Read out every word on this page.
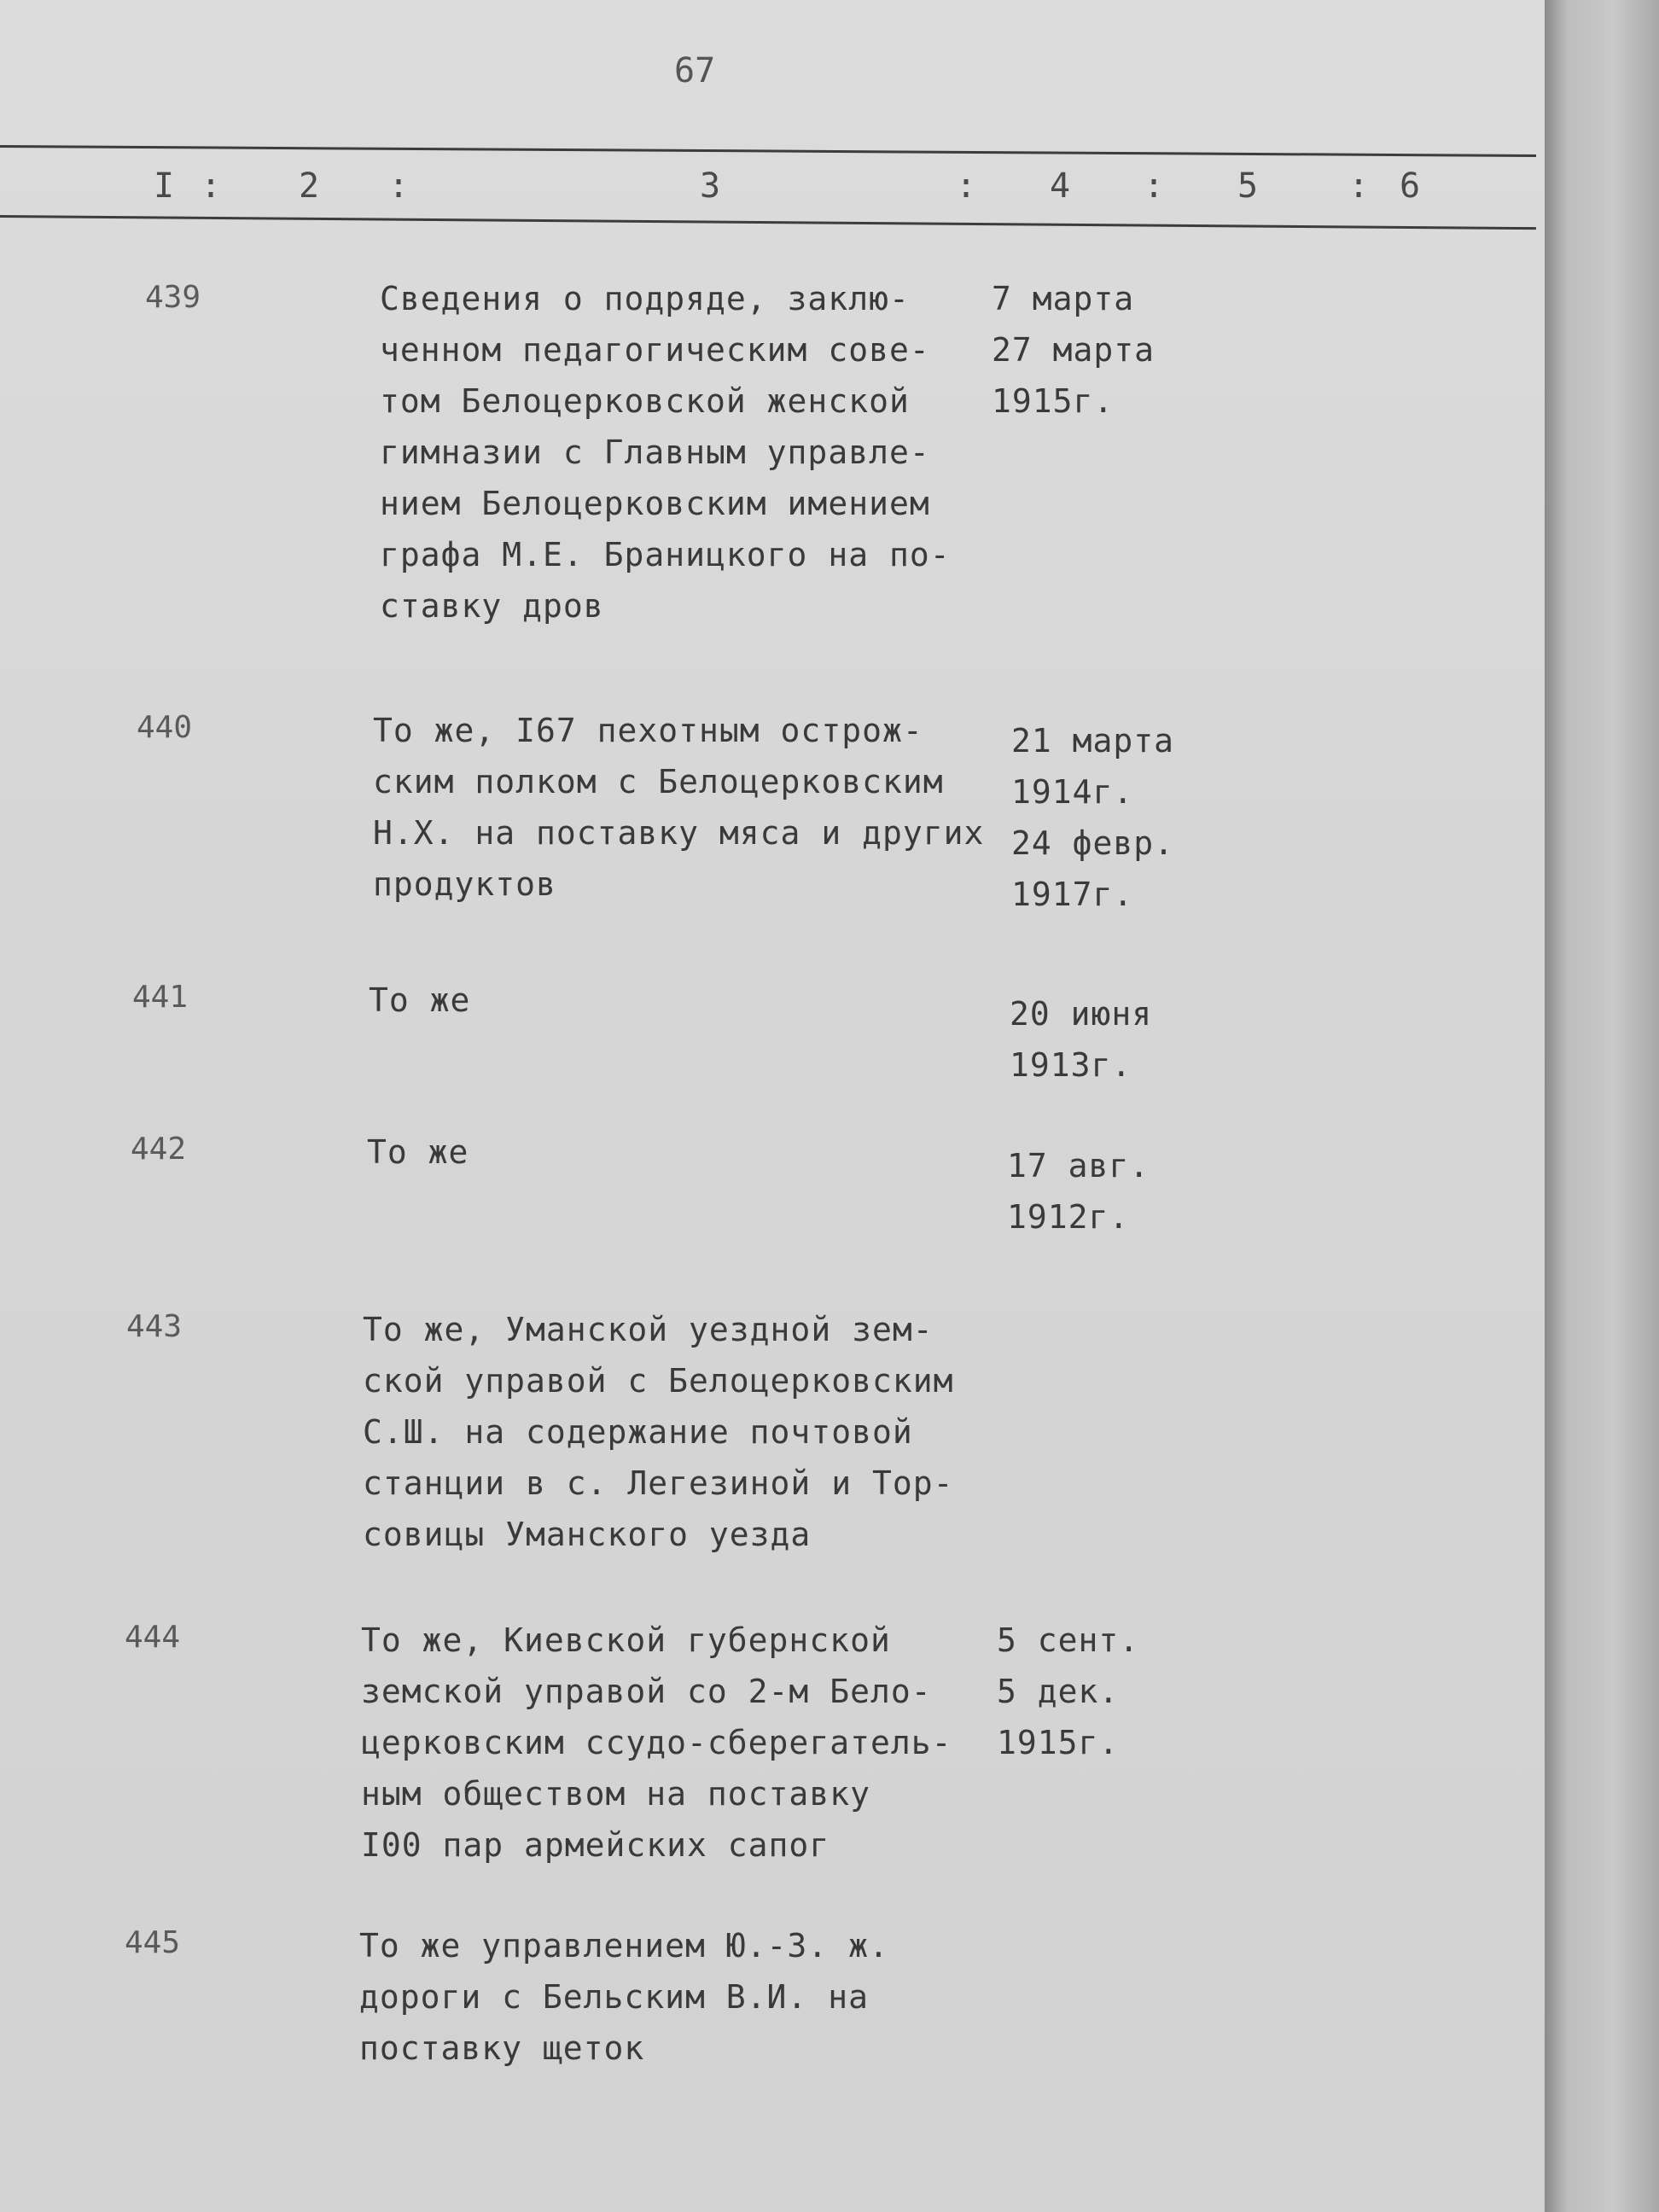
67
I : 2 :	3	: 4 : 5	: 6
439	Сведения о подряде, заклю-
ченном педагогическим сове-
том Белоцерковской женской
гимназии с Главным управле-
нием Белоцерковским имением
графа М.Е. Браницкого на по-
ставку дров
7 марта
27 марта
1915г.
440	То же, I67 пехотным острож-
ским полком с Белоцерковским
Н.Х. на поставку мяса и других
продуктов
21 марта
1914г.
24 февр.
1917г.
441	То же	20 июня
1913г.
442	То же	17 авг.
1912г.
443	То же, Уманской уездной зем-
ской управой с Белоцерковским
С.Ш. на содержание почтовой
станции в с. Легезиной и Тор-
совицы Уманского уезда
444	То же, Киевской губернской
земской управой со 2-м Бело-
церковским ссудо-сберегатель-
ным обществом на поставку
I00 пар армейских сапог
5 сент.
5 дек.
1915г.
445	То же управлением Ю.-З. ж.
дороги с Бельским В.И. на
поставку щеток
